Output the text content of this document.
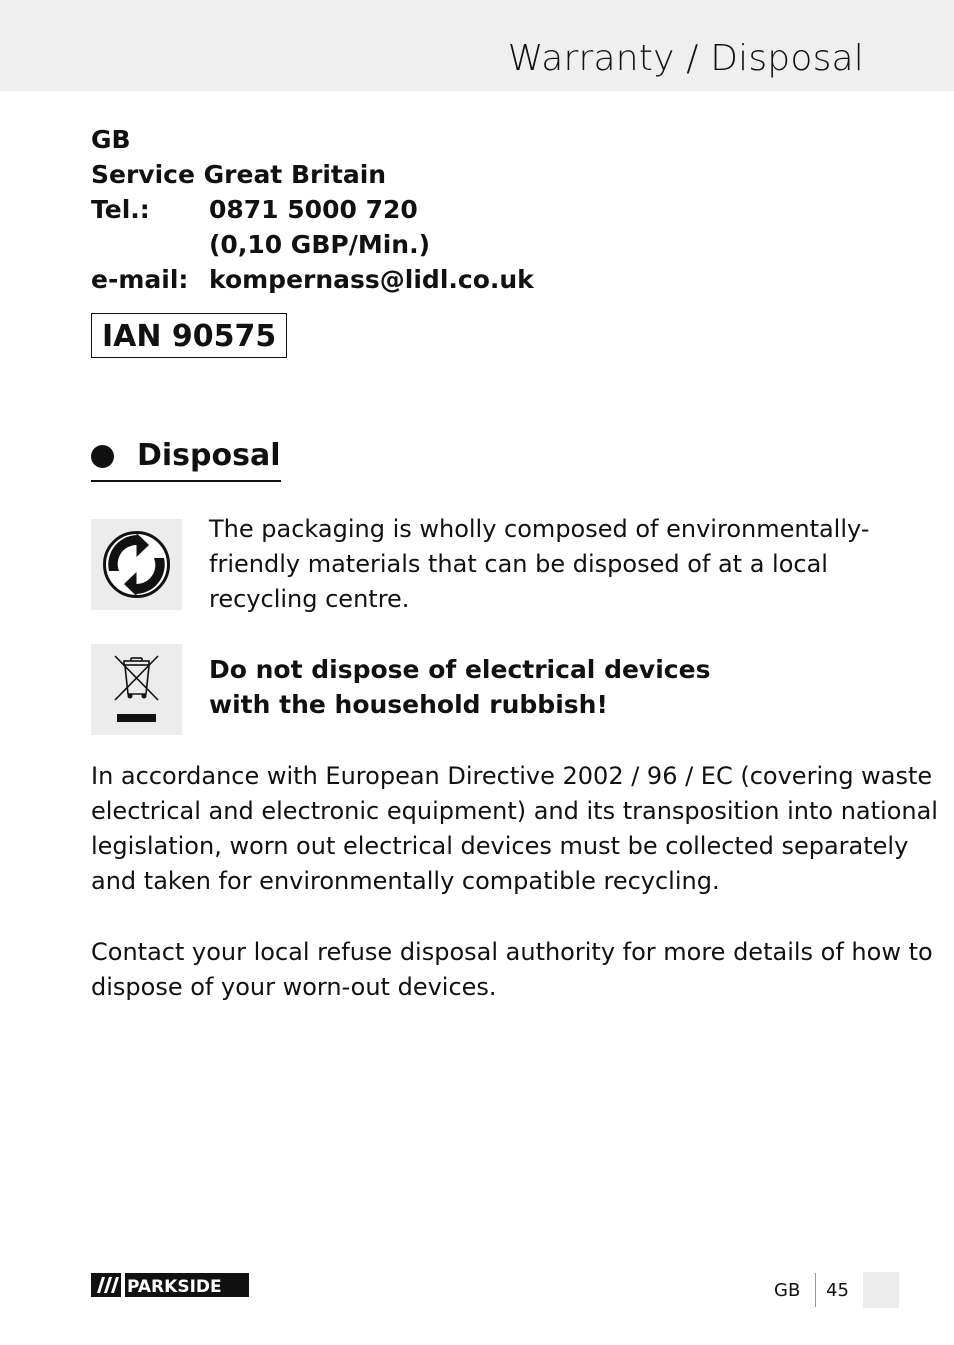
Warranty / Disposal
GB
Service Great Britain
Tel.: 0871 5000 720
(0,10 GBP/Min.)
e-mail: kompernass@lidl.co.uk
IAN 90575
Disposal
The packaging is wholly composed of environmentally-
friendly materials that can be disposed of at a local
recycling centre.
Do not dispose of electrical devices
with the household rubbish!
In accordance with European Directive 2002 / 96 / EC (covering waste
electrical and electronic equipment) and its transposition into national
legislation, worn out electrical devices must be collected separately
and taken for environmentally compatible recycling.
Contact your local refuse disposal authority for more details of how to
dispose of your worn-out devices.
PARKSIDE	GB 45
